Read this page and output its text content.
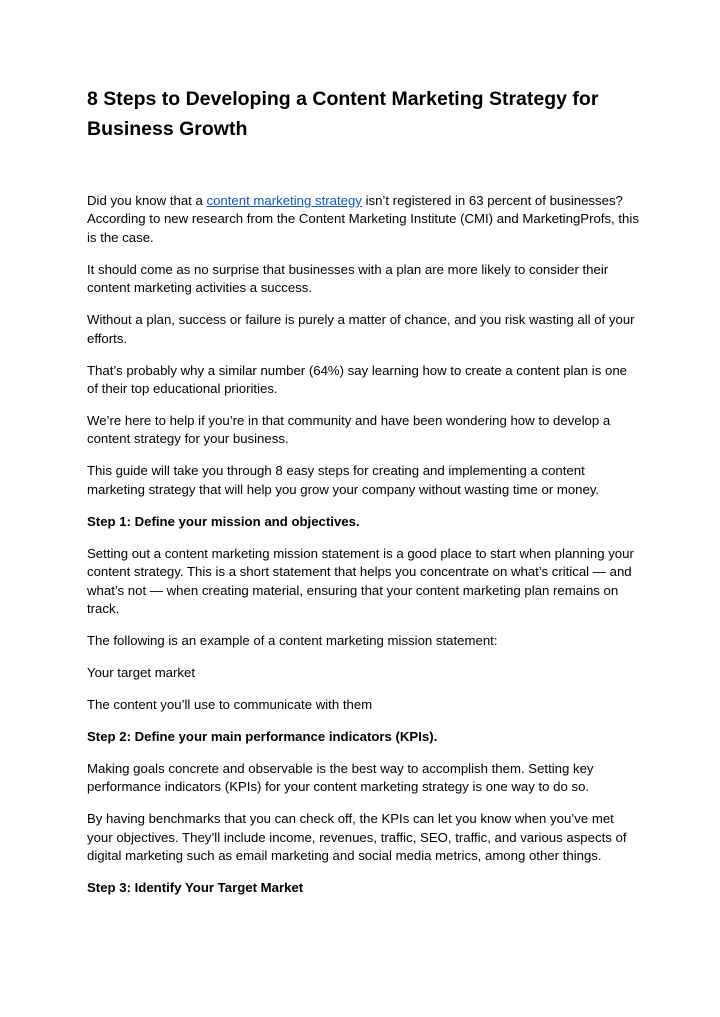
8 Steps to Developing a Content Marketing Strategy for Business Growth

Did you know that a content marketing strategy isn’t registered in 63 percent of businesses? According to new research from the Content Marketing Institute (CMI) and MarketingProfs, this is the case.

It should come as no surprise that businesses with a plan are more likely to consider their content marketing activities a success.

Without a plan, success or failure is purely a matter of chance, and you risk wasting all of your efforts.

That’s probably why a similar number (64%) say learning how to create a content plan is one of their top educational priorities.

We’re here to help if you’re in that community and have been wondering how to develop a content strategy for your business.

This guide will take you through 8 easy steps for creating and implementing a content marketing strategy that will help you grow your company without wasting time or money.

Step 1: Define your mission and objectives.

Setting out a content marketing mission statement is a good place to start when planning your content strategy. This is a short statement that helps you concentrate on what’s critical — and what’s not — when creating material, ensuring that your content marketing plan remains on track.

The following is an example of a content marketing mission statement:

Your target market

The content you’ll use to communicate with them

Step 2: Define your main performance indicators (KPIs).

Making goals concrete and observable is the best way to accomplish them. Setting key performance indicators (KPIs) for your content marketing strategy is one way to do so.

By having benchmarks that you can check off, the KPIs can let you know when you’ve met your objectives. They’ll include income, revenues, traffic, SEO, traffic, and various aspects of digital marketing such as email marketing and social media metrics, among other things.

Step 3: Identify Your Target Market
